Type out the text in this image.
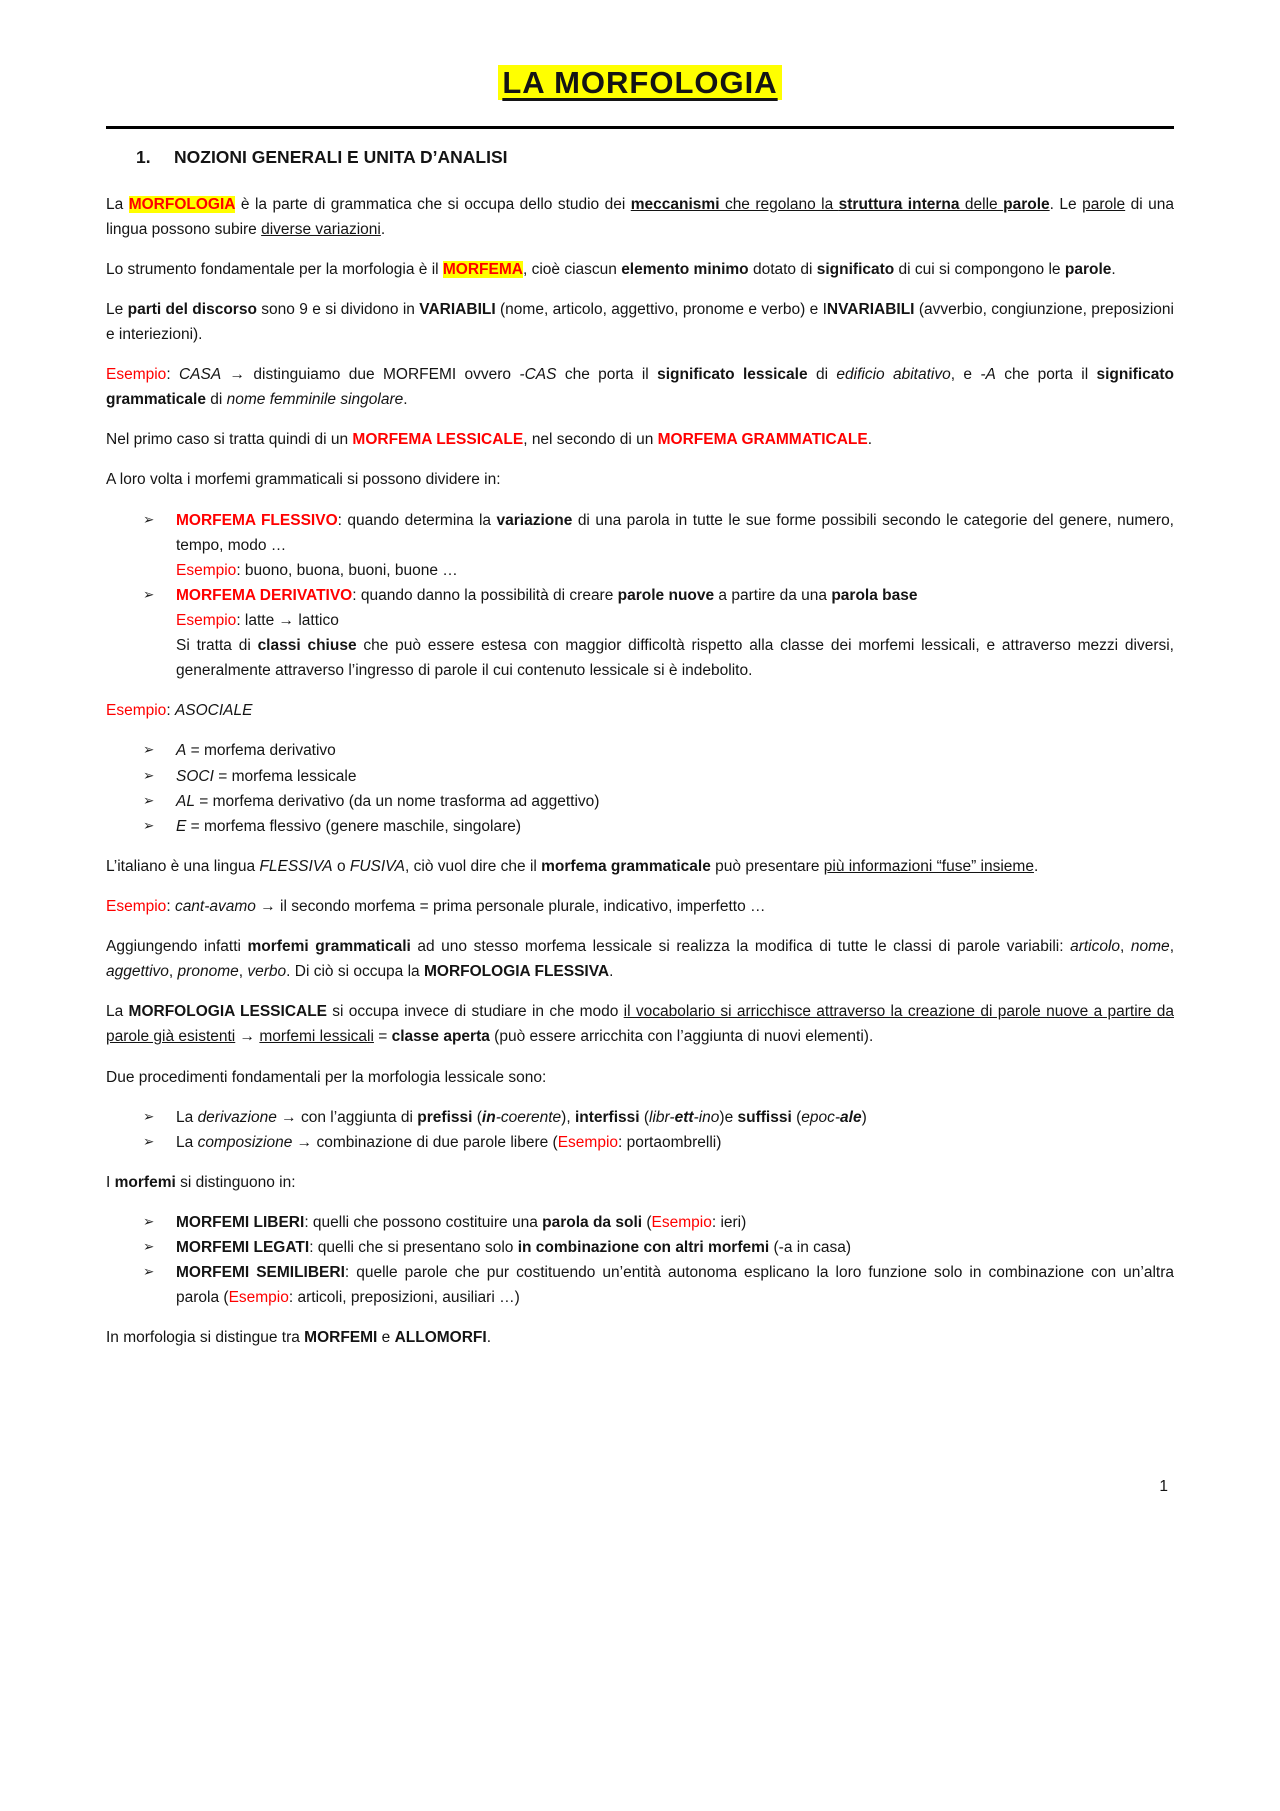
LA MORFOLOGIA
1. NOZIONI GENERALI E UNITA D’ANALISI

La MORFOLOGIA è la parte di grammatica che si occupa dello studio dei meccanismi che regolano la struttura interna delle parole. Le parole di una lingua possono subire diverse variazioni.

Lo strumento fondamentale per la morfologia è il MORFEMA, cioè ciascun elemento minimo dotato di significato di cui si compongono le parole.

Le parti del discorso sono 9 e si dividono in VARIABILI (nome, articolo, aggettivo, pronome e verbo) e INVARIABILI (avverbio, congiunzione, preposizioni e interiezioni).

Esempio: CASA → distinguiamo due MORFEMI ovvero -CAS che porta il significato lessicale di edificio abitativo, e -A che porta il significato grammaticale di nome femminile singolare.

Nel primo caso si tratta quindi di un MORFEMA LESSICALE, nel secondo di un MORFEMA GRAMMATICALE.

A loro volta i morfemi grammaticali si possono dividere in:

➢ MORFEMA FLESSIVO: quando determina la variazione di una parola in tutte le sue forme possibili secondo le categorie del genere, numero, tempo, modo …
Esempio: buono, buona, buoni, buone …
➢ MORFEMA DERIVATIVO: quando danno la possibilità di creare parole nuove a partire da una parola base
Esempio: latte → lattico
Si tratta di classi chiuse che può essere estesa con maggior difficoltà rispetto alla classe dei morfemi lessicali, e attraverso mezzi diversi, generalmente attraverso l’ingresso di parole il cui contenuto lessicale si è indebolito.

Esempio: ASOCIALE

➢ A = morfema derivativo
➢ SOCI = morfema lessicale
➢ AL = morfema derivativo (da un nome trasforma ad aggettivo)
➢ E = morfema flessivo (genere maschile, singolare)

L’italiano è una lingua FLESSIVA o FUSIVA, ciò vuol dire che il morfema grammaticale può presentare più informazioni “fuse” insieme.

Esempio: cant-avamo → il secondo morfema = prima personale plurale, indicativo, imperfetto …

Aggiungendo infatti morfemi grammaticali ad uno stesso morfema lessicale si realizza la modifica di tutte le classi di parole variabili: articolo, nome, aggettivo, pronome, verbo. Di ciò si occupa la MORFOLOGIA FLESSIVA.

La MORFOLOGIA LESSICALE si occupa invece di studiare in che modo il vocabolario si arricchisce attraverso la creazione di parole nuove a partire da parole già esistenti → morfemi lessicali = classe aperta (può essere arricchita con l’aggiunta di nuovi elementi).

Due procedimenti fondamentali per la morfologia lessicale sono:

➢ La derivazione → con l’aggiunta di prefissi (in-coerente), interfissi (libr-ett-ino)e suffissi (epoc-ale)
➢ La composizione → combinazione di due parole libere (Esempio: portaombrelli)

I morfemi si distinguono in:

➢ MORFEMI LIBERI: quelli che possono costituire una parola da soli (Esempio: ieri)
➢ MORFEMI LEGATI: quelli che si presentano solo in combinazione con altri morfemi (-a in casa)
➢ MORFEMI SEMILIBERI: quelle parole che pur costituendo un’entità autonoma esplicano la loro funzione solo in combinazione con un’altra parola (Esempio: articoli, preposizioni, ausiliari …)

In morfologia si distingue tra MORFEMI e ALLOMORFI.

1
